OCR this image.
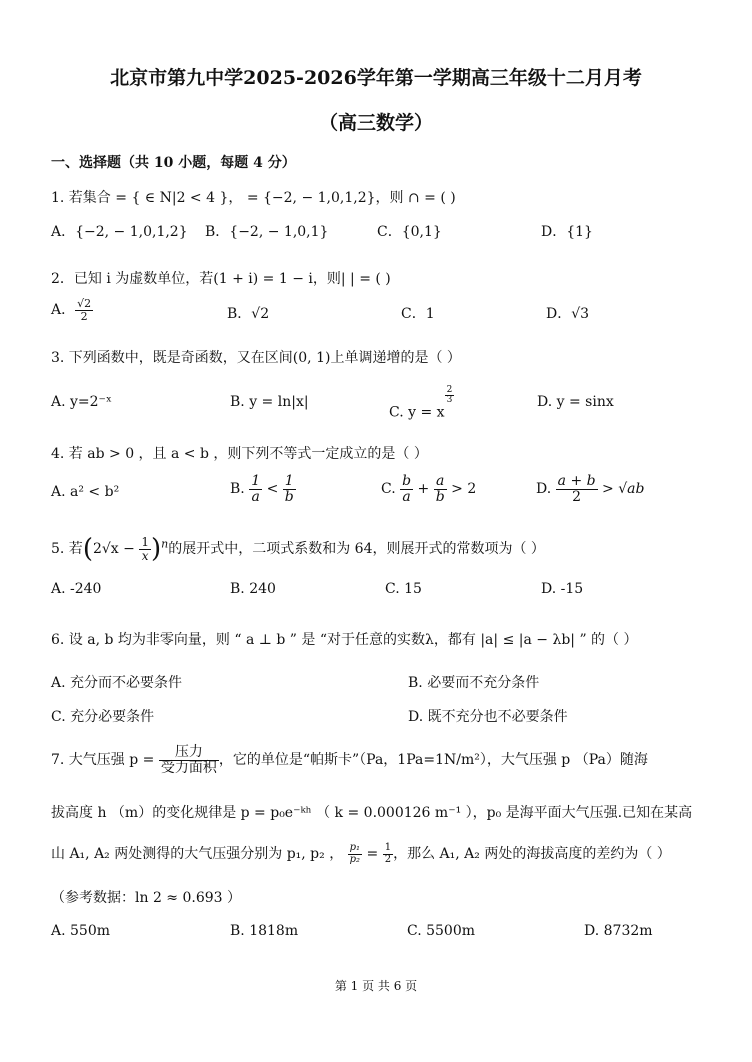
北京市第九中学2025-2026学年第一学期高三年级十二月月考
（高三数学）
一、选择题（共 10 小题，每题 4 分）
1. 若集合 = { ∈ N|2 < 4 }， = {−2, − 1,0,1,2}，则 ∩ = ( )
A．{−2, − 1,0,1,2} B．{−2, − 1,0,1}	C．{0,1}	D．{1}
2．已知 i 为虚数单位，若(1 + i) = 1 − i，则| | = ( )
A． $\frac{√2}{2}$	B．√2	C．1	D．√3
3. 下列函数中，既是奇函数，又在区间(0, 1)上单调递增的是（ ）
A. y=2⁻ˣ	B. y = ln|x|
C. y = x
$\frac{2}{3}$	D. y = sinx
4. 若 ab > 0 ，且 a < b ，则下列不等式一定成立的是（ ）
A. a² < b²	B. $\frac{1}{a} < \frac{1}{b}$	C. $\frac{b}{a} + \frac{a}{b} > 2$	D. $\frac{a + b}{2} > √ab$
5. 若$(2√x - \frac{1}{x} )^n$的展开式中，二项式系数和为 64，则展开式的常数项为（ ）
A. -240	B. 240	C. 15	D. -15
6. 设 a, b 均为非零向量，则 “ a ⊥ b ” 是 “对于任意的实数λ，都有 |a| ≤ |a − λb| ” 的（ ）
A. 充分而不必要条件	B. 必要而不充分条件
C. 充分必要条件	D. 既不充分也不必要条件
7. 大气压强 $p = \frac{\text{压力}}{\text{受力面积}}$ ，它的单位是“帕斯卡”（Pa，1Pa=1N/m²），大气压强 p （Pa）随海
拔高度 h （m）的变化规律是 p = p₀e⁻ᵏʰ （ k = 0.000126 m⁻¹ ），p₀ 是海平面大气压强.已知在某高
山 A₁, A₂ 两处测得的大气压强分别为 p₁, p₂ ， $\frac{\text{p₁}}{\text{p₂}} = \frac{1}{2}$ ，那么 A₁, A₂ 两处的海拔高度的差约为（ ）
（参考数据：ln 2 ≈ 0.693 ）
A. 550m	B. 1818m	C. 5500m	D. 8732m
第 1 页 共 6 页
